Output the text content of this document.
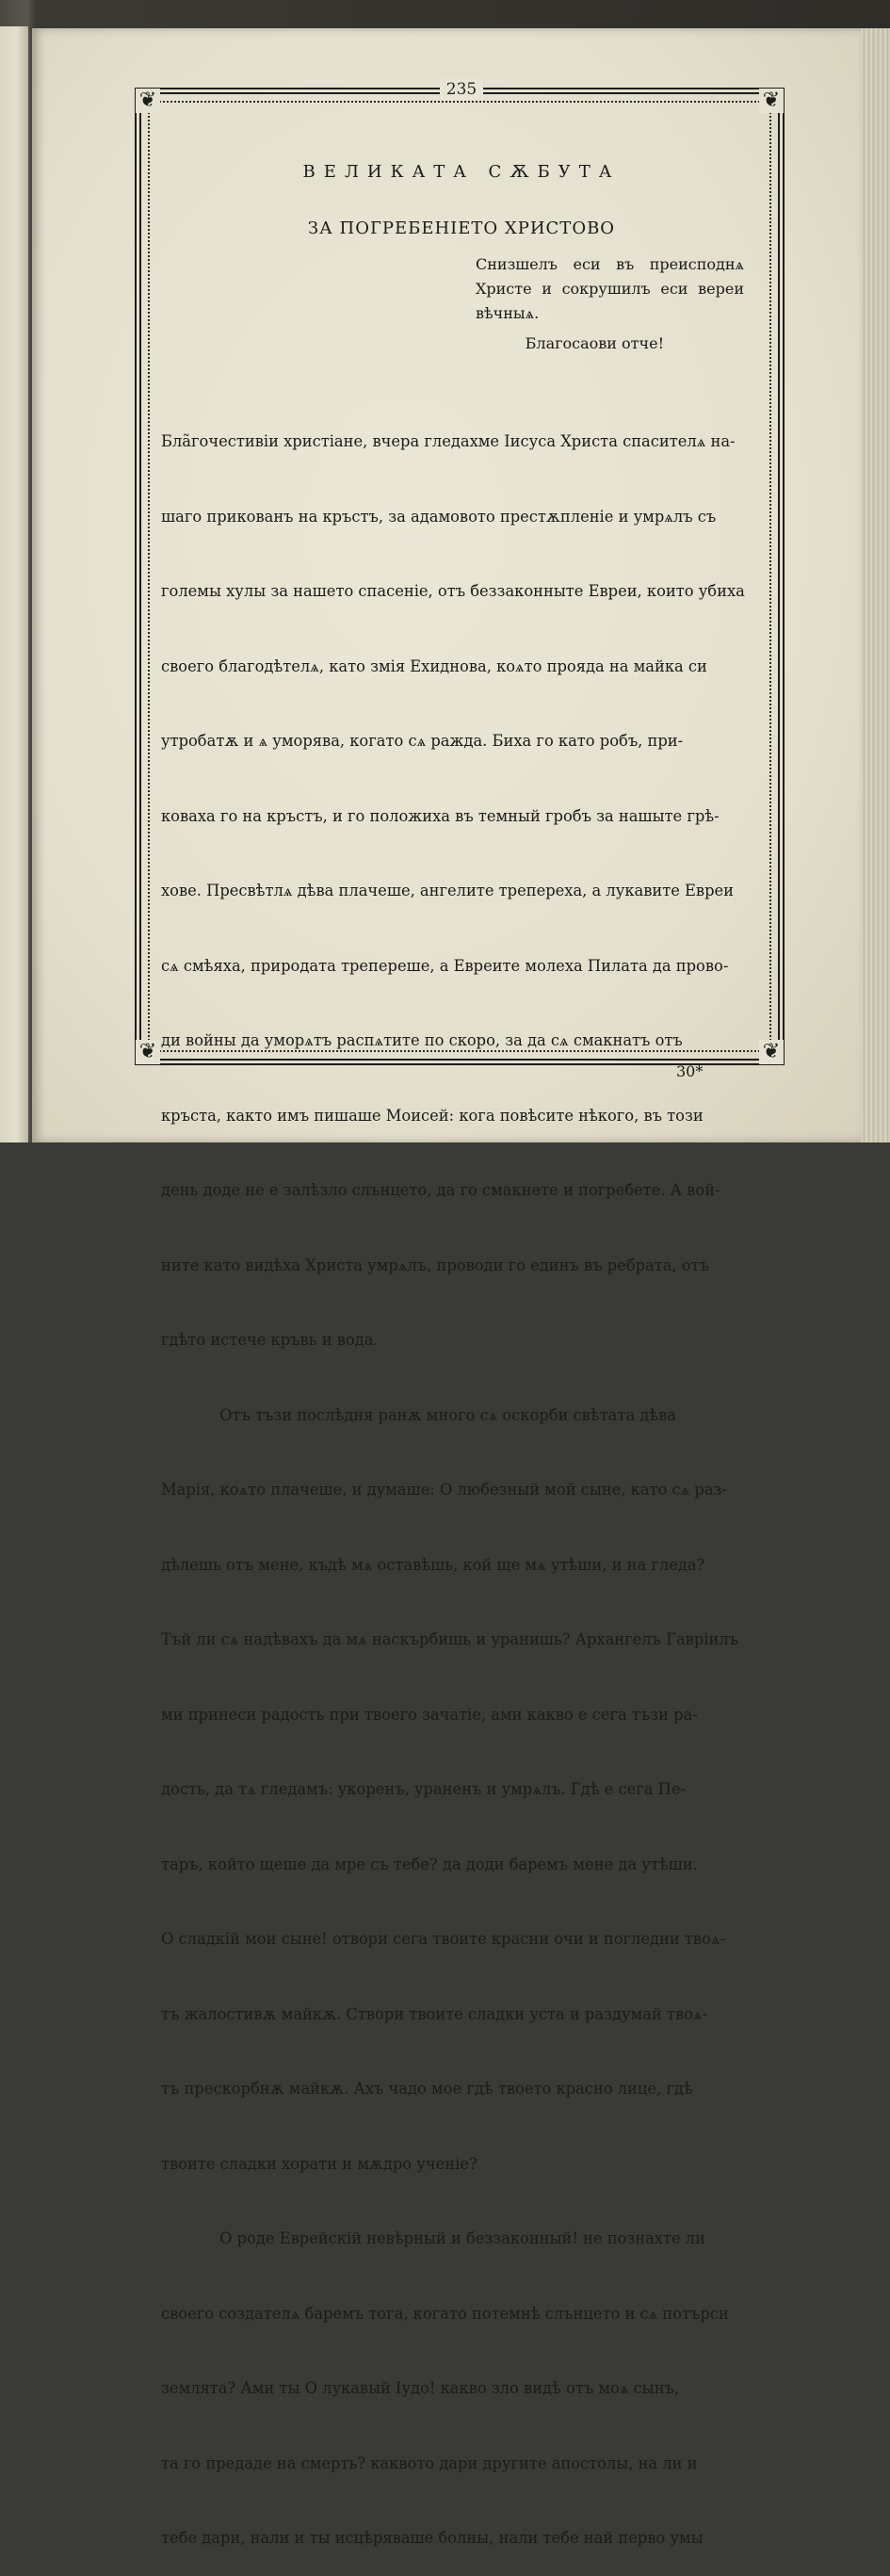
❦	❦
❦	❦
235
ВЕЛИКАТА СѪБУТА
ЗА ПОГРЕБЕНІЕТО ХРИСТОВО
Снизшелъ еси въ преисподнѧ Христе и сокрушилъ еси вереи вѣчныѧ.
Благосаови отче!

Бла̃гочестивіи христіане, вчера гледахме Іисуса Христа спасителѧ на-

шаго прикованъ на кръстъ, за адамовото престѫпленіе и умрѧлъ съ

големы хулы за нашето спасеніе, отъ беззаконныте Евреи, които убиха

своего благодѣтелѧ, като змія Ехиднова, коѧто прояда на майка си

утробатѫ и ѧ уморява, когато сѧ ражда. Биха го като робъ, при-

коваха го на кръстъ, и го положиха въ темный гробъ за нашыте грѣ-

хове. Пресвѣтлѧ дѣва плачеше, ангелите трепереха, а лукавите Евреи

сѧ смѣяха, природата трепереше, а Евреите молеха Пилата да прово-

ди войны да уморѧтъ распѧтите по скоро, за да сѧ смакнатъ отъ

кръста, както имъ пишаше Моисей: кога повѣсите нѣкого, въ този

день доде не е залѣзло слънцето, да го смакнете и погребете. А вой-

ните като видѣха Христа умрѧлъ, проводи го единъ въ ребрата, отъ

гдѣто истече кръвь и вода.

Отъ тъзи послѣдня ранѫ много сѧ оскорби свѣтата дѣва

Марія, коѧто плачеше, и думаше: О любезный мой сыне, като сѧ раз-

дѣлешь отъ мене, къдѣ мѧ оставѣшь, кой ще мѧ утѣши, и на гледа?

Тъй ли сѧ надѣвахъ да мѧ наскърбишь и уранишь? Архангелъ Гавріилъ

ми принеси радость при твоего зачатіе, ами какво е сега тъзи ра-

дость, да тѧ гледамъ: укоренъ, ураненъ и умрѧлъ. Гдѣ е сега Пе-

таръ, който щеше да мре съ тебе? да доди баремъ мене да утѣши.

О сладкій мои сыне! отвори сега твоите красни очи и погледни твоѧ-

тъ жалостивѫ майкѫ. Створи твоите сладки уста и раздумай твоѧ-

тъ прескорбнѫ майкѫ. Ахъ чадо мое гдѣ твоето красно лице, гдѣ

твоите сладки хорати и мѫдро ученіе?

О роде Еврейскій невѣрный и беззаконный! не познахте ли

своего создателѧ баремъ тога, когато потемнѣ слънцето и сѧ потърси

землята? Ами ты О лукавый Іудо! какво зло видѣ отъ моѧ сынъ,

та го предаде на смерть? каквото дари другите апостолы, на ли и

тебе дари, нали и ты исцѣряваше болны, нали тебе най перво умы

30*
